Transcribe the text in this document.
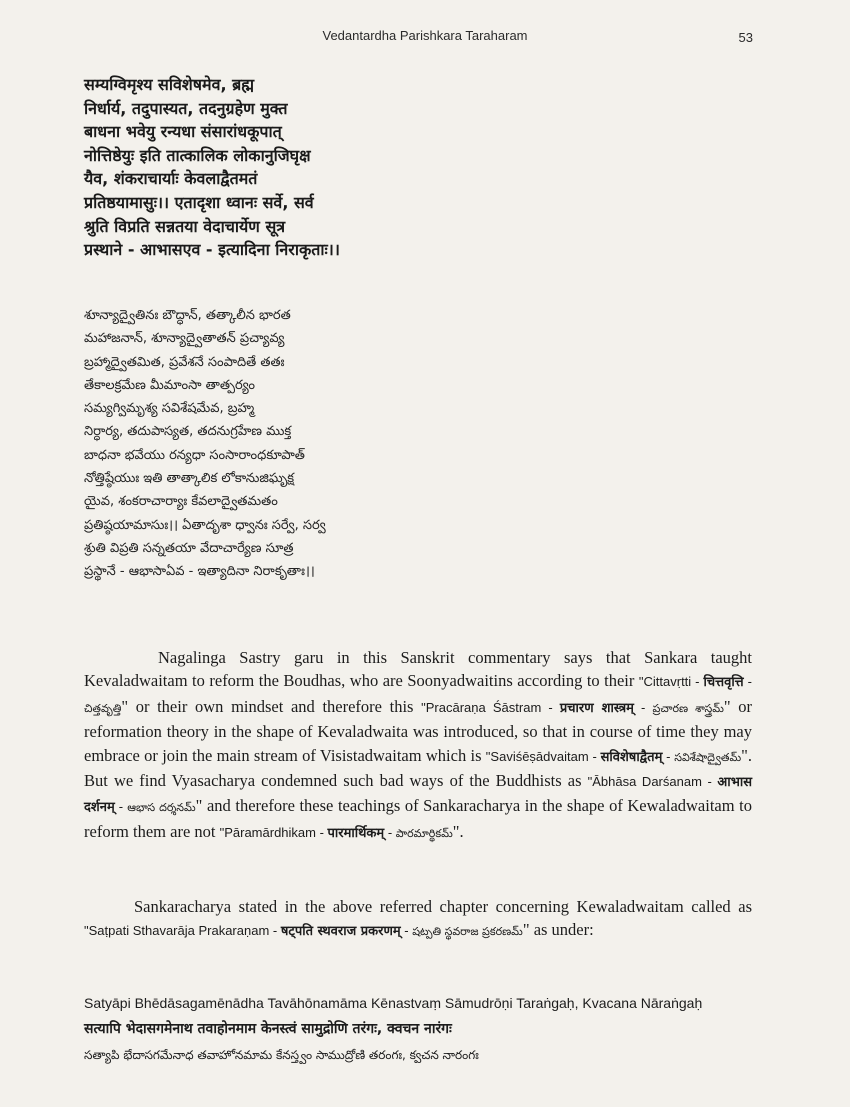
Vedantardha Parishkara Taraharam	53
सम्यग्विमृश्य सविशेषमेव, ब्रह्म
निर्धार्य, तदुपास्यत, तदनुग्रहेण मुक्त
बाधना भवेयु रन्यधा संसारांधकूपात्
नोत्तिष्ठेयुः इति तात्कालिक लोकानुजिघृक्ष
यैव, शंकराचार्याः केवलाद्वैतमतं
प्रतिष्ठयामासुः।। एतादृशा ध्वानः सर्वे, सर्व
श्रुति विप्रति सन्नतया वेदाचार्येण सूत्र
प्रस्थाने - आभासएव - इत्यादिना निराकृताः।।
శూన్యాద్వైతినః బౌద్ధాన్, తత్కాలీన భారత
మహాజనాన్, శూన్యాద్వైతాతన్ ప్రచ్యావ్య
బ్రహ్మాద్వైతమిత, ప్రవేశనే సంపాదితే తతః
తేకాలక్రమేణ మీమాంసా తాత్పర్యం
సమ్యగ్విమృశ్య సవిశేషమేవ, బ్రహ్మ
నిర్ధార్య, తదుపాస్యత, తదనుగ్రహేణ ముక్త
బాధనా భవేయు రన్యధా సంసారాంధకూపాత్
నోత్తిష్ఠేయుః ఇతి తాత్కాలిక లోకానుజిఘృక్ష
యైవ, శంకరాచార్యాః కేవలాద్వైతమతం
ప్రతిష్ఠయామాసుః।। ఏతాదృశా ధ్వానః సర్వే, సర్వ
శ్రుతి విప్రతి సన్నతయా వేదాచార్యేణ సూత్ర
ప్రస్థానే - ఆభాసాఏవ - ఇత్యాదినా నిరాకృతాః।।

Nagalinga Sastry garu in this Sanskrit commentary says that Sankara taught Kevaladwaitam to reform the Boudhas, who are Soonyadwaitins according to their "Cittavṛtti - चित्तवृत्ति - చిత్తవృత్తి" or their own mindset and therefore this "Pracāraṇa Śāstram - प्रचारण शास्त्रम् - ప్రచారణ శాస్త్రమ్" or reformation theory in the shape of Kevaladwaita was introduced, so that in course of time they may embrace or join the main stream of Visistadwaitam which is "Saviśēṣādvaitam - सविशेषाद्वैतम् - సవిశేషాద్వైతమ్". But we find Vyasacharya condemned such bad ways of the Buddhists as "Ābhāsa Darśanam - आभास दर्शनम् - ఆభాస దర్శనమ్" and therefore these teachings of Sankaracharya in the shape of Kewaladwaitam to reform them are not "Pāramārdhikam - पारमार्थिकम् - పారమార్థికమ్".

Sankaracharya stated in the above referred chapter concerning Kewaladwaitam called as "Saṭpati Sthavarāja Prakaraṇam - षट्पति स्थवराज प्रकरणम् - షట్పతి స్థవరాజ ప్రకరణమ్" as under:

Satyāpi Bhēdāsagamēnādha Tavāhōnamāma Kēnastvaṃ Sāmudrōṇi Taraṅgaḥ, Kvacana Nāraṅgaḥ
सत्यापि भेदासगमेनाथ तवाहोनमाम केनस्त्वं सामुद्रोणि तरंगः, क्वचन नारंगः
సత్యాపి భేదాసగమేనాధ తవాహోనమామ కేనస్త్వం సాముద్రోణి తరంగః, క్వచన నారంగః
